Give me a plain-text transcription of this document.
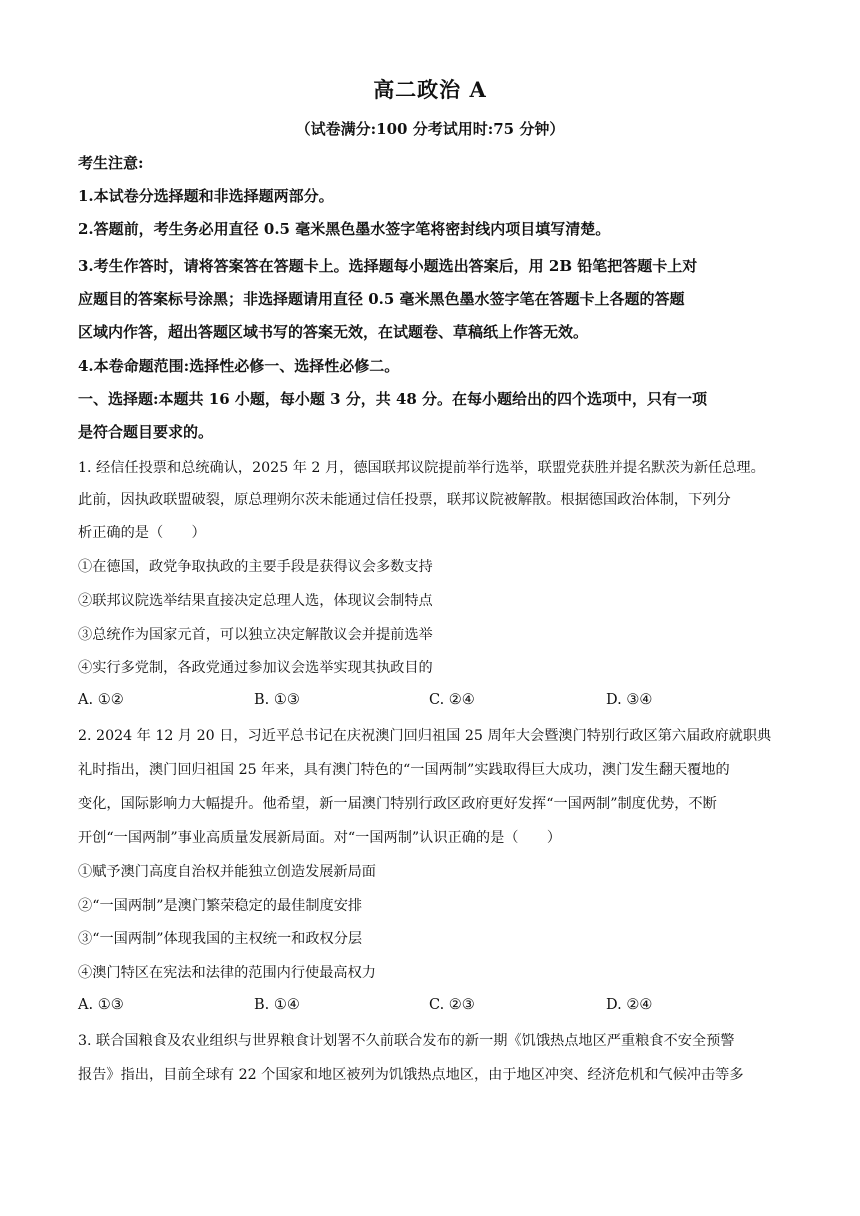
高二政治 A
（试卷满分:100 分考试用时:75 分钟）
考生注意:
1.本试卷分选择题和非选择题两部分。
2.答题前，考生务必用直径 0.5 毫米黑色墨水签字笔将密封线内项目填写清楚。
3.考生作答时，请将答案答在答题卡上。选择题每小题选出答案后，用 2B 铅笔把答题卡上对
应题目的答案标号涂黑；非选择题请用直径 0.5 毫米黑色墨水签字笔在答题卡上各题的答题
区域内作答，超出答题区域书写的答案无效，在试题卷、草稿纸上作答无效。
4.本卷命题范围:选择性必修一、选择性必修二。
一、选择题:本题共 16 小题，每小题 3 分，共 48 分。在每小题给出的四个选项中，只有一项
是符合题目要求的。
1. 经信任投票和总统确认，2025 年 2 月，德国联邦议院提前举行选举，联盟党获胜并提名默茨为新任总理。
此前，因执政联盟破裂，原总理朔尔茨未能通过信任投票，联邦议院被解散。根据德国政治体制，下列分
析正确的是（　　）
①在德国，政党争取执政的主要手段是获得议会多数支持
②联邦议院选举结果直接决定总理人选，体现议会制特点
③总统作为国家元首，可以独立决定解散议会并提前选举
④实行多党制，各政党通过参加议会选举实现其执政目的
A. ①②	B. ①③	C. ②④	D. ③④
2. 2024 年 12 月 20 日，习近平总书记在庆祝澳门回归祖国 25 周年大会暨澳门特别行政区第六届政府就职典
礼时指出，澳门回归祖国 25 年来，具有澳门特色的“一国两制”实践取得巨大成功，澳门发生翻天覆地的
变化，国际影响力大幅提升。他希望，新一届澳门特别行政区政府更好发挥“一国两制”制度优势，不断
开创“一国两制”事业高质量发展新局面。对“一国两制”认识正确的是（　　）
①赋予澳门高度自治权并能独立创造发展新局面
②“一国两制”是澳门繁荣稳定的最佳制度安排
③“一国两制”体现我国的主权统一和政权分层
④澳门特区在宪法和法律的范围内行使最高权力
A. ①③	B. ①④	C. ②③	D. ②④
3. 联合国粮食及农业组织与世界粮食计划署不久前联合发布的新一期《饥饿热点地区严重粮食不安全预警
报告》指出，目前全球有 22 个国家和地区被列为饥饿热点地区，由于地区冲突、经济危机和气候冲击等多
